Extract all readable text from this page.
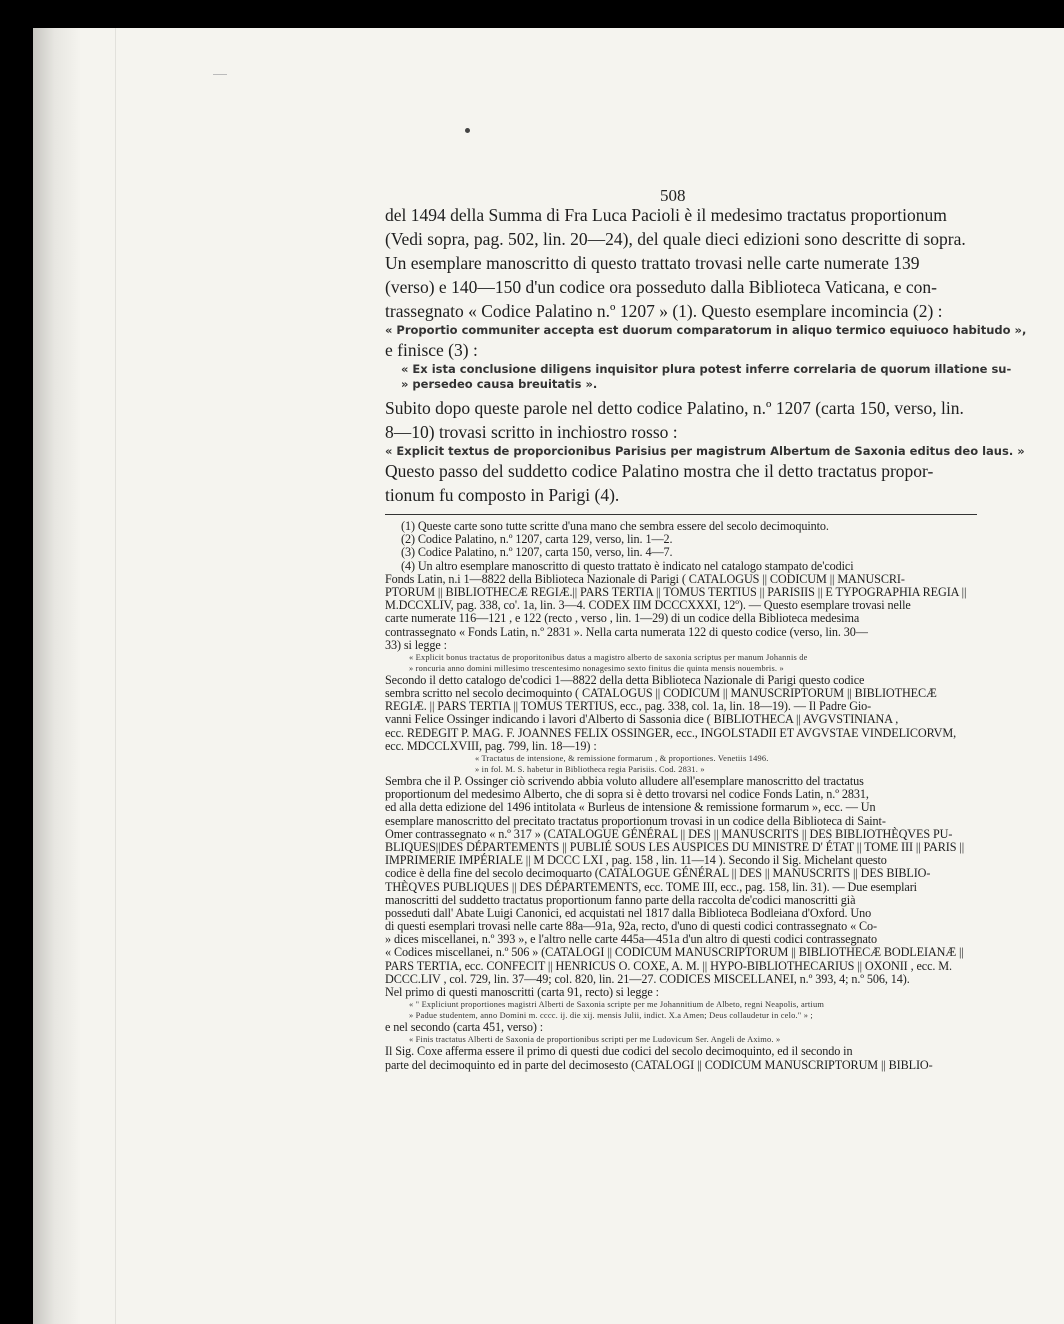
508

del 1494 della Summa di Fra Luca Pacioli è il medesimo tractatus proportionum

(Vedi sopra, pag. 502, lin. 20—24), del quale dieci edizioni sono descritte di sopra.

Un esemplare manoscritto di questo trattato trovasi nelle carte numerate 139

(verso) e 140—150 d'un codice ora posseduto dalla Biblioteca Vaticana, e con-

trassegnato « Codice Palatino n.º 1207 » (1). Questo esemplare incomincia (2) :

« Proportio communiter accepta est duorum comparatorum in aliquo termico equiuoco habitudo »,

e finisce (3) :

« Ex ista conclusione diligens inquisitor plura potest inferre correlaria de quorum illatione su-

» persedeo causa breuitatis ».

Subito dopo queste parole nel detto codice Palatino, n.º 1207 (carta 150, verso, lin.

8—10) trovasi scritto in inchiostro rosso :

« Explicit textus de proporcionibus Parisius per magistrum Albertum de Saxonia editus deo laus. »

Questo passo del suddetto codice Palatino mostra che il detto tractatus propor-

tionum fu composto in Parigi (4).

(1) Queste carte sono tutte scritte d'una mano che sembra essere del secolo decimoquinto.

(2) Codice Palatino, n.º 1207, carta 129, verso, lin. 1—2.

(3) Codice Palatino, n.º 1207, carta 150, verso, lin. 4—7.

(4) Un altro esemplare manoscritto di questo trattato è indicato nel catalogo stampato de'codici

Fonds Latin, n.i 1—8822 della Biblioteca Nazionale di Parigi ( CATALOGUS || CODICUM || MANUSCRI-

PTORUM || BIBLIOTHECÆ REGIÆ.|| PARS TERTIA || TOMUS TERTIUS || PARISIIS || E TYPOGRAPHIA REGIA ||

M.DCCXLIV, pag. 338, co'. 1a, lin. 3—4. CODEX IIM DCCCXXXI, 12º). — Questo esemplare trovasi nelle

carte numerate 116—121 , e 122 (recto , verso , lin. 1—29) di un codice della Biblioteca medesima

contrassegnato « Fonds Latin, n.º 2831 ». Nella carta numerata 122 di questo codice (verso, lin. 30—

33) si legge :

« Explicit bonus tractatus de proporitonibus datus a magistro alberto de saxonia scriptus per manum Johannis de

» roncuria anno domini millesimo trescentesimo nonagesimo sexto finitus die quinta mensis nouembris. »

Secondo il detto catalogo de'codici 1—8822 della detta Biblioteca Nazionale di Parigi questo codice

sembra scritto nel secolo decimoquinto ( CATALOGUS || CODICUM || MANUSCRIPTORUM || BIBLIOTHECÆ

REGIÆ. || PARS TERTIA || TOMUS TERTIUS, ecc., pag. 338, col. 1a, lin. 18—19). — Il Padre Gio-

vanni Felice Ossinger indicando i lavori d'Alberto di Sassonia dice ( BIBLIOTHECA || AVGVSTINIANA ,

ecc. REDEGIT P. MAG. F. JOANNES FELIX OSSINGER, ecc., INGOLSTADII ET AVGVSTAE VINDELICORVM,

ecc. MDCCLXVIII, pag. 799, lin. 18—19) :

« Tractatus de intensione, & remissione formarum , & proportiones. Venetiis 1496.

» in fol. M. S. habetur in Bibliotheca regia Parisiis. Cod. 2831. »

Sembra che il P. Ossinger ciò scrivendo abbia voluto alludere all'esemplare manoscritto del tractatus

proportionum del medesimo Alberto, che di sopra si è detto trovarsi nel codice Fonds Latin, n.º 2831,

ed alla detta edizione del 1496 intitolata « Burleus de intensione & remissione formarum », ecc. — Un

esemplare manoscritto del precitato tractatus proportionum trovasi in un codice della Biblioteca di Saint-

Omer contrassegnato « n.º 317 » (CATALOGUE GÉNÉRAL || DES || MANUSCRITS || DES BIBLIOTHÈQVES PU-

BLIQUES||DES DÉPARTEMENTS || PUBLIÉ SOUS LES AUSPICES DU MINISTRE D' ÉTAT || TOME III || PARIS ||

IMPRIMERIE IMPÉRIALE || M DCCC LXI , pag. 158 , lin. 11—14 ). Secondo il Sig. Michelant questo

codice è della fine del secolo decimoquarto (CATALOGUE GÉNÉRAL || DES || MANUSCRITS || DES BIBLIO-

THÈQVES PUBLIQUES || DES DÉPARTEMENTS, ecc. TOME III, ecc., pag. 158, lin. 31). — Due esemplari

manoscritti del suddetto tractatus proportionum fanno parte della raccolta de'codici manoscritti già

posseduti dall' Abate Luigi Canonici, ed acquistati nel 1817 dalla Biblioteca Bodleiana d'Oxford. Uno

di questi esemplari trovasi nelle carte 88a—91a, 92a, recto, d'uno di questi codici contrassegnato « Co-

» dices miscellanei, n.º 393 », e l'altro nelle carte 445a—451a d'un altro di questi codici contrassegnato

« Codices miscellanei, n.º 506 » (CATALOGI || CODICUM MANUSCRIPTORUM || BIBLIOTHECÆ BODLEIANÆ ||

PARS TERTIA, ecc. CONFECIT || HENRICUS O. COXE, A. M. || HYPO-BIBLIOTHECARIUS || OXONII , ecc. M.

DCCC.LIV , col. 729, lin. 37—49; col. 820, lin. 21—27. CODICES MISCELLANEI, n.º 393, 4; n.º 506, 14).

Nel primo di questi manoscritti (carta 91, recto) si legge :

« " Expliciunt proportiones magistri Alberti de Saxonia scripte per me Johannitium de Albeto, regni Neapolis, artium

» Padue studentem, anno Domini m. cccc. ij. die xij. mensis Julii, indict. X.a Amen; Deus collaudetur in celo." » ;

e nel secondo (carta 451, verso) :

« Finis tractatus Alberti de Saxonia de proportionibus scripti per me Ludovicum Ser. Angeli de Aximo. »

Il Sig. Coxe afferma essere il primo di questi due codici del secolo decimoquinto, ed il secondo in

parte del decimoquinto ed in parte del decimosesto (CATALOGI || CODICUM MANUSCRIPTORUM || BIBLIO-
